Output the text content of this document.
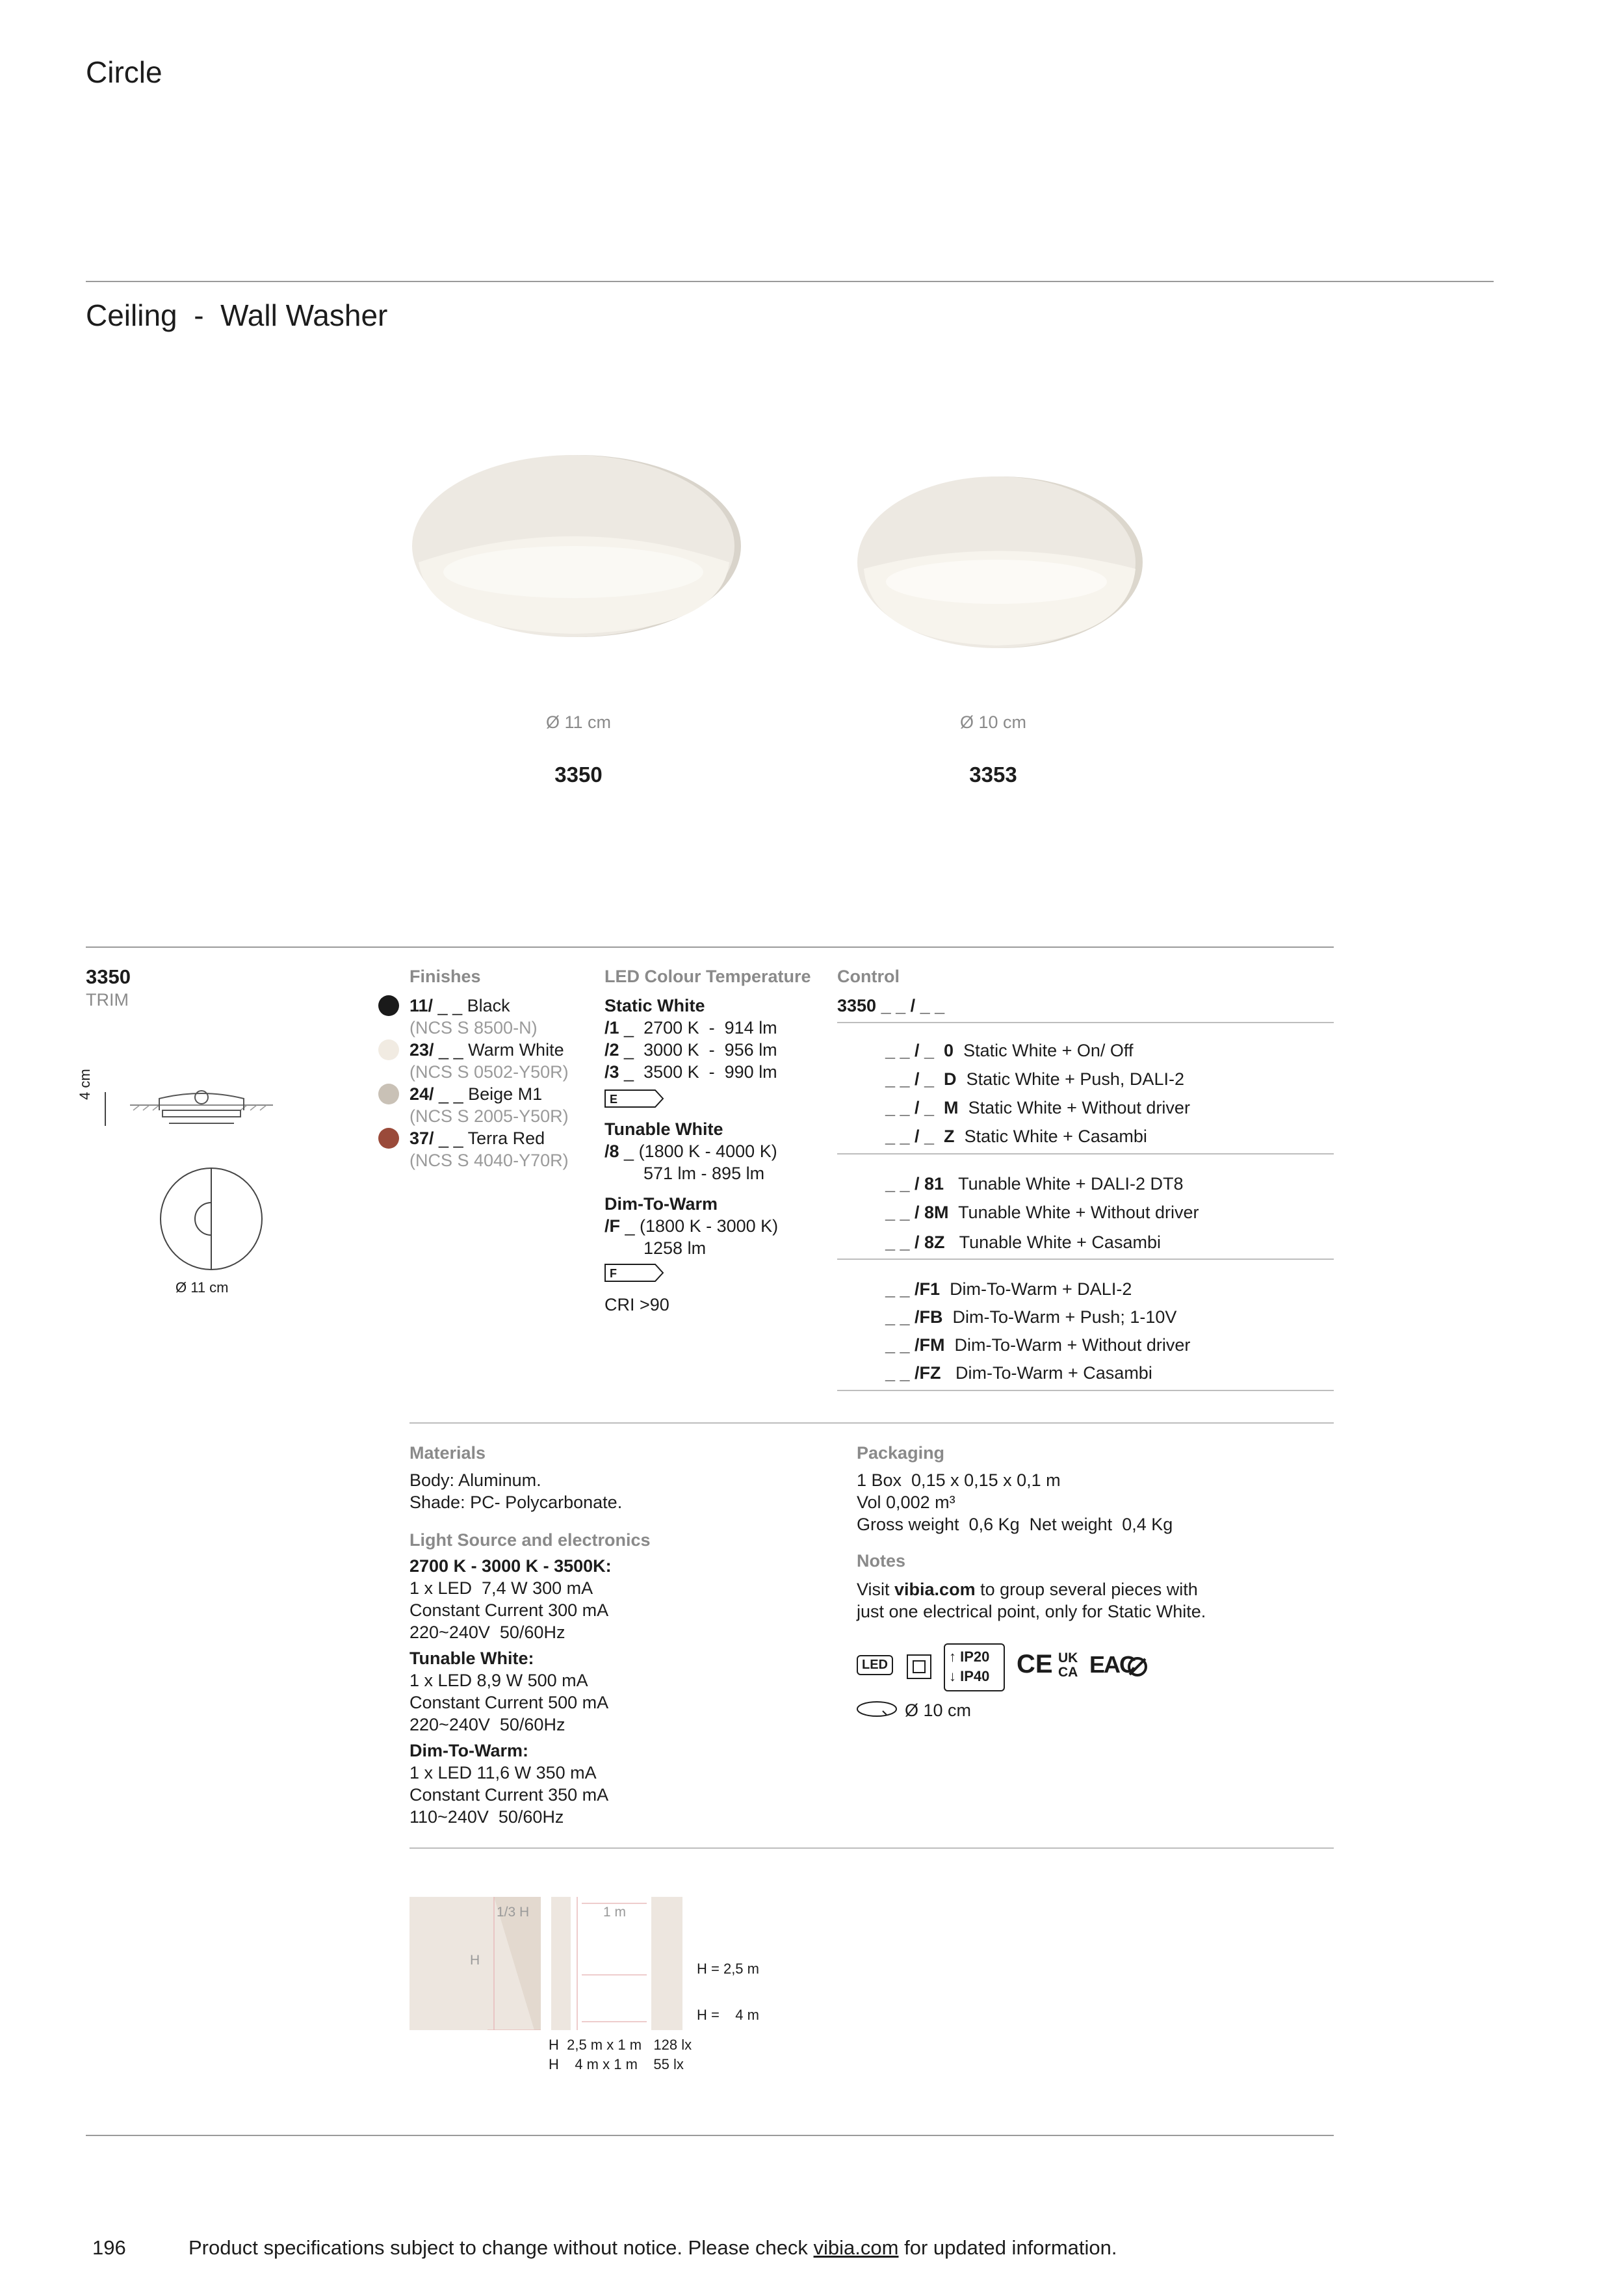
Circle
Ceiling  -  Wall Washer
Ø 11 cm
3350
Ø 10 cm
3353
3350
TRIM
4 cm
Ø 11 cm
Finishes
11/ _ _ Black
(NCS S 8500-N)
23/ _ _ Warm White
(NCS S 0502-Y50R)
24/ _ _ Beige M1
(NCS S 2005-Y50R)
37/ _ _ Terra Red
(NCS S 4040-Y70R)
LED Colour Temperature
Static White
/1 _  2700 K  -  914 lm
/2 _  3000 K  -  956 lm
/3 _  3500 K  -  990 lm
E
Tunable White
/8 _ (1800 K - 4000 K)
571 lm - 895 lm
Dim-To-Warm
/F _ (1800 K - 3000 K)
1258 lm
F
CRI >90
Control
3350 _ _ / _ _
_ _ / _  0 Static White + On/ Off
_ _ / _  D Static White + Push, DALI-2
_ _ / _  M Static White + Without driver
_ _ / _  Z Static White + Casambi
_ _ / 81 Tunable White + DALI-2 DT8
_ _ / 8M Tunable White + Without driver
_ _ / 8Z Tunable White + Casambi
_ _ /F1 Dim-To-Warm + DALI-2
_ _ /FB Dim-To-Warm + Push; 1-10V
_ _ /FM Dim-To-Warm + Without driver
_ _ /FZ Dim-To-Warm + Casambi
Materials
Body: Aluminum.
Shade: PC- Polycarbonate.
Light Source and electronics
2700 K - 3000 K - 3500K:
1 x LED  7,4 W 300 mA
Constant Current 300 mA
220~240V  50/60Hz
Tunable White:
1 x LED 8,9 W 500 mA
Constant Current 500 mA
220~240V  50/60Hz
Dim-To-Warm:
1 x LED 11,6 W 350 mA
Constant Current 350 mA
110~240V  50/60Hz
Packaging
1 Box  0,15 x 0,15 x 0,1 m
Vol 0,002 m³
Gross weight  0,6 Kg  Net weight  0,4 Kg
Notes
Visit vibia.com to group several pieces with
just one electrical point, only for Static White.
LED	↑ IP20
↓ IP40	CE UK
CA EAC
Ø 10 cm
1/3 H
H
1 m
H = 2,5 m
H =    4 m
H  2,5 m x 1 m   128 lx
H    4 m x 1 m    55 lx
196	Product specifications subject to change without notice. Please check vibia.com for updated information.
